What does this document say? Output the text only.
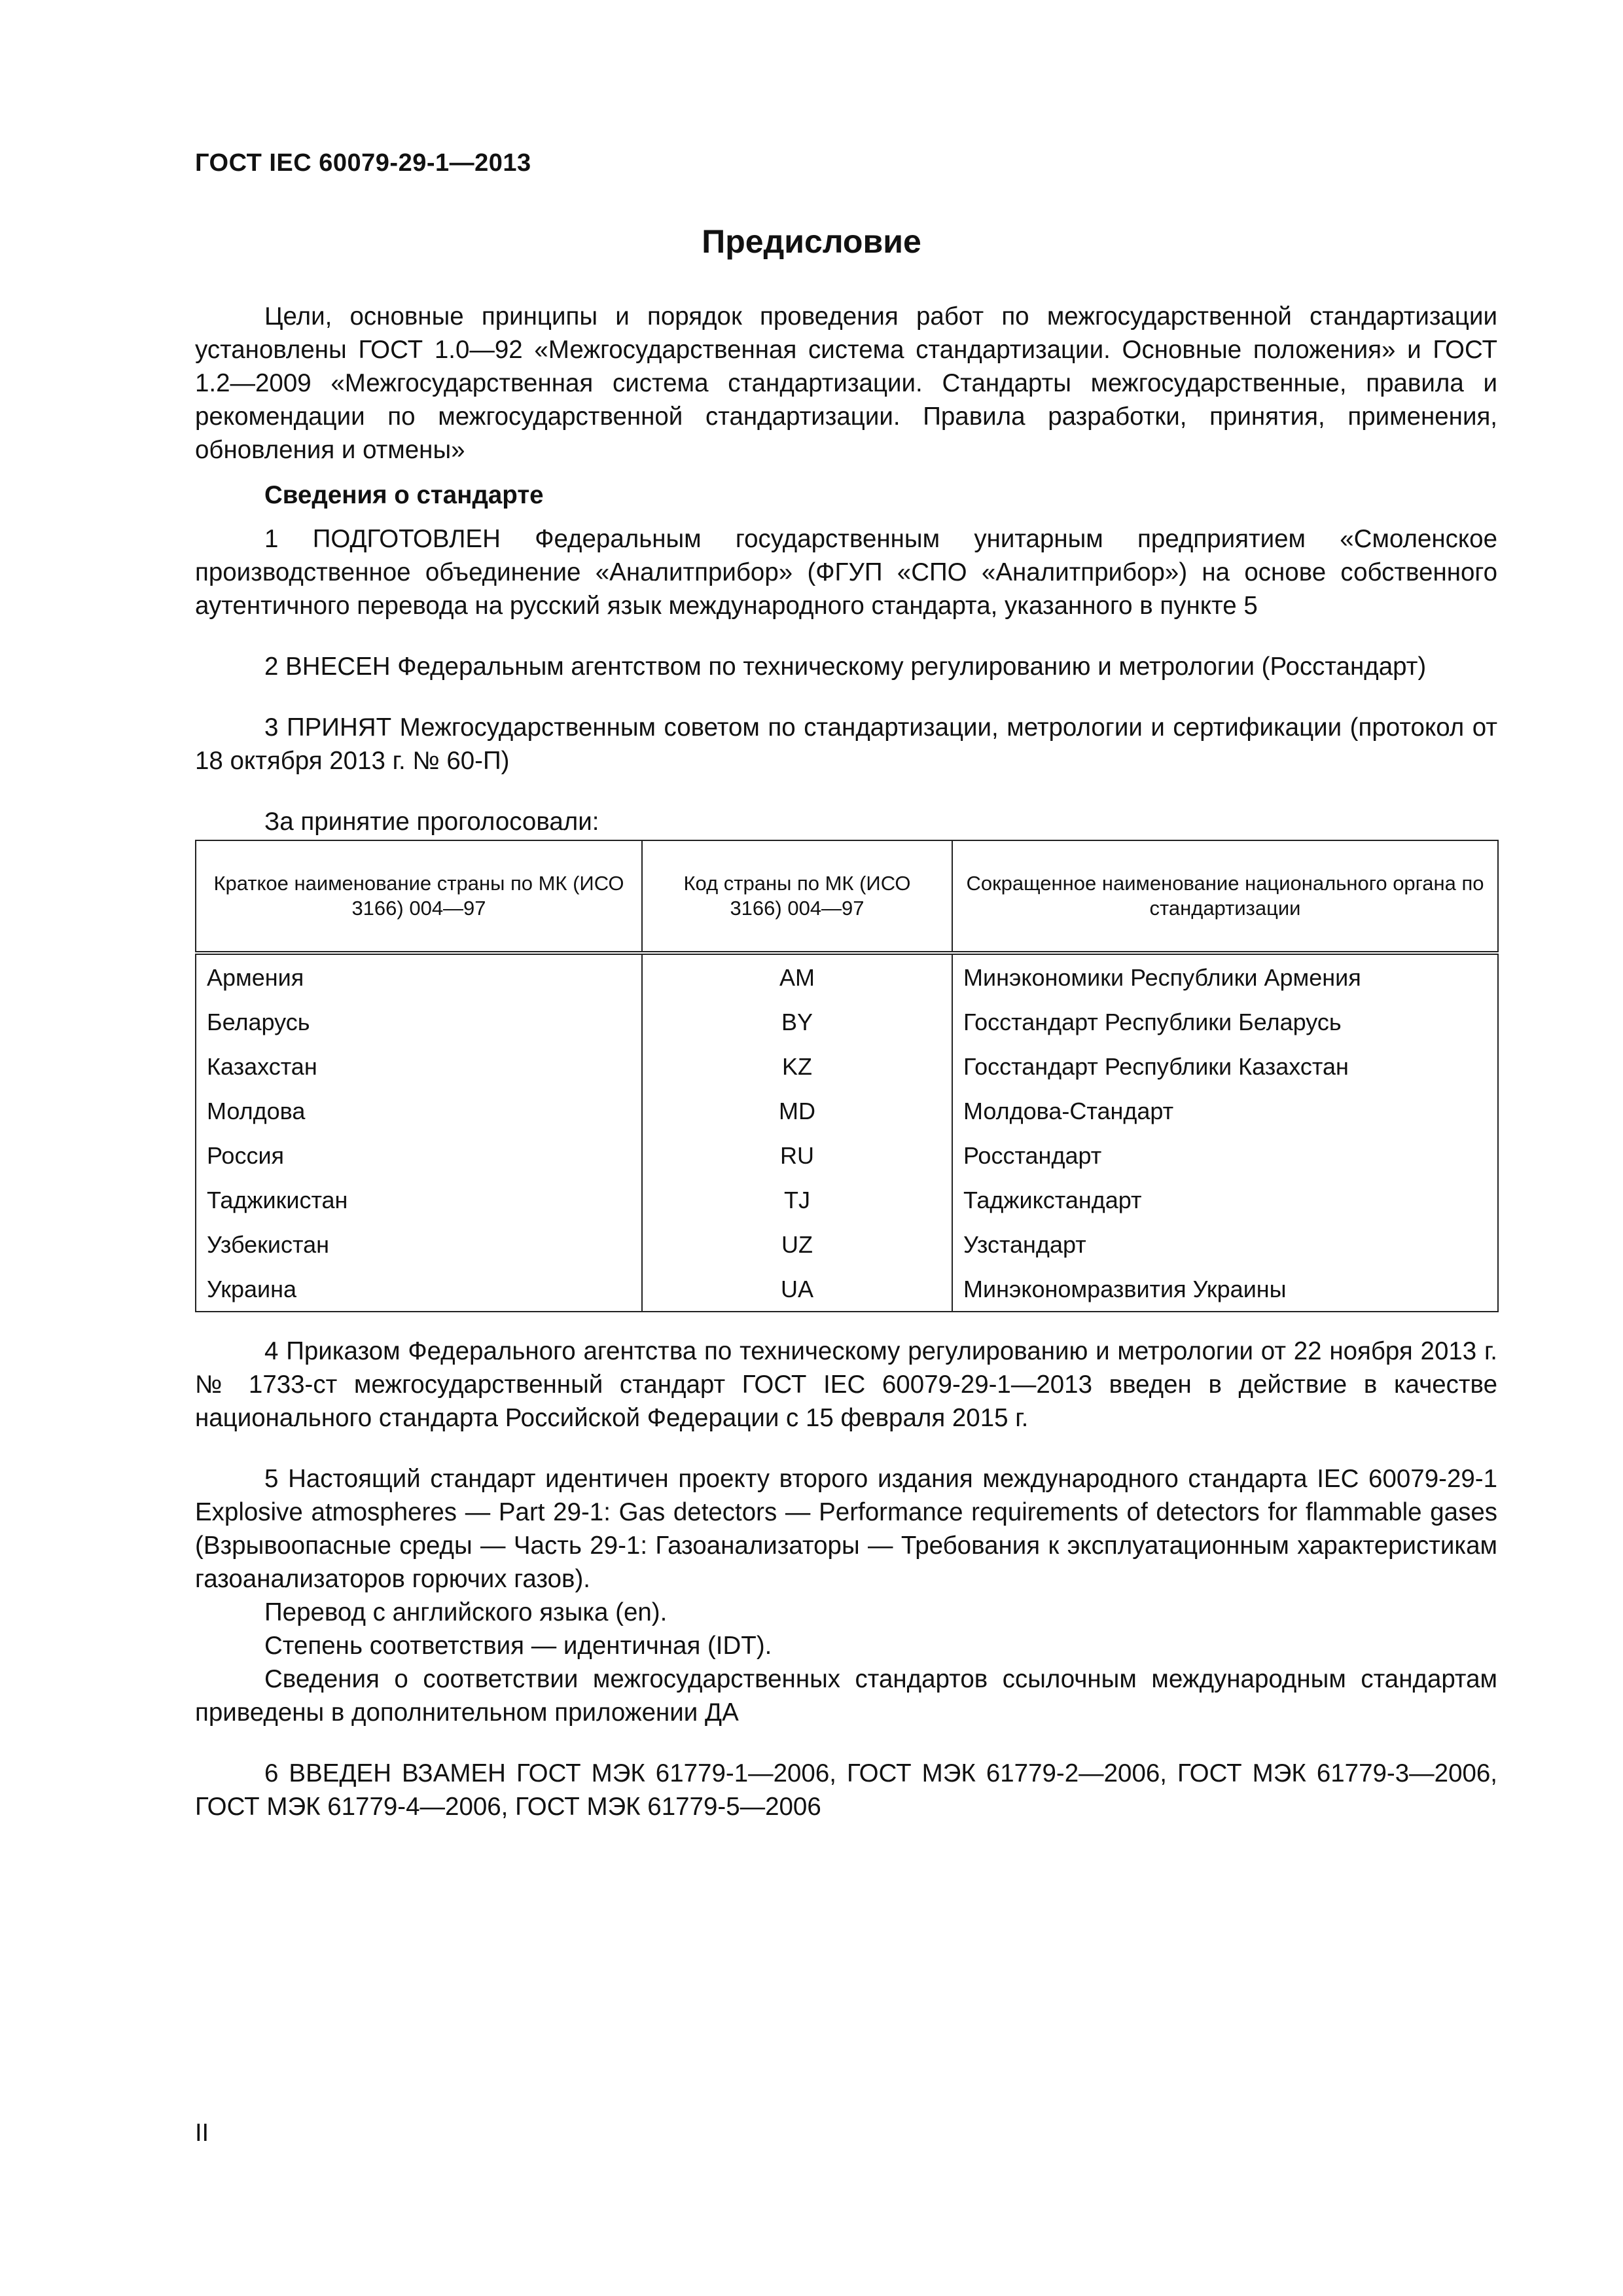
ГОСТ IEC 60079-29-1—2013
Предисловие

Цели, основные принципы и порядок проведения работ по межгосударственной стандартизации установлены ГОСТ 1.0—92 «Межгосударственная система стандартизации. Основные положения» и ГОСТ 1.2—2009 «Межгосударственная система стандартизации. Стандарты межгосударственные, правила и рекомендации по межгосударственной стандартизации. Правила разработки, принятия, применения, обновления и отмены»

Сведения о стандарте

1 ПОДГОТОВЛЕН Федеральным государственным унитарным предприятием «Смоленское производственное объединение «Аналитприбор» (ФГУП «СПО «Аналитприбор») на основе собственного аутентичного перевода на русский язык международного стандарта, указанного в пункте 5

2 ВНЕСЕН Федеральным агентством по техническому регулированию и метрологии (Росстандарт)

3 ПРИНЯТ Межгосударственным советом по стандартизации, метрологии и сертификации (протокол от 18 октября 2013 г. № 60-П)

За принятие проголосовали:

Краткое наименование страны по МК (ИСО 3166) 004—97	Код страны по МК (ИСО 3166) 004—97	Сокращенное наименование национального органа по стандартизации
Армения	AM	Минэкономики Республики Армения
Беларусь	BY	Госстандарт Республики Беларусь
Казахстан	KZ	Госстандарт Республики Казахстан
Молдова	MD	Молдова-Стандарт
Россия	RU	Росстандарт
Таджикистан	TJ	Таджикстандарт
Узбекистан	UZ	Узстандарт
Украина	UA	Минэкономразвития Украины

4 Приказом Федерального агентства по техническому регулированию и метрологии от 22 ноября 2013 г. № 1733-ст межгосударственный стандарт ГОСТ IEC 60079-29-1—2013 введен в действие в качестве национального стандарта Российской Федерации с 15 февраля 2015 г.

5 Настоящий стандарт идентичен проекту второго издания международного стандарта IEC 60079-29-1 Explosive atmospheres — Part 29-1: Gas detectors — Performance requirements of detectors for flammable gases (Взрывоопасные среды — Часть 29-1: Газоанализаторы — Требования к эксплуатационным характеристикам газоанализаторов горючих газов).

Перевод с английского языка (en).

Степень соответствия — идентичная (IDT).

Сведения о соответствии межгосударственных стандартов ссылочным международным стандартам приведены в дополнительном приложении ДА

6 ВВЕДЕН ВЗАМЕН ГОСТ МЭК 61779-1—2006, ГОСТ МЭК 61779-2—2006, ГОСТ МЭК 61779-3—2006, ГОСТ МЭК 61779-4—2006, ГОСТ МЭК 61779-5—2006

II
